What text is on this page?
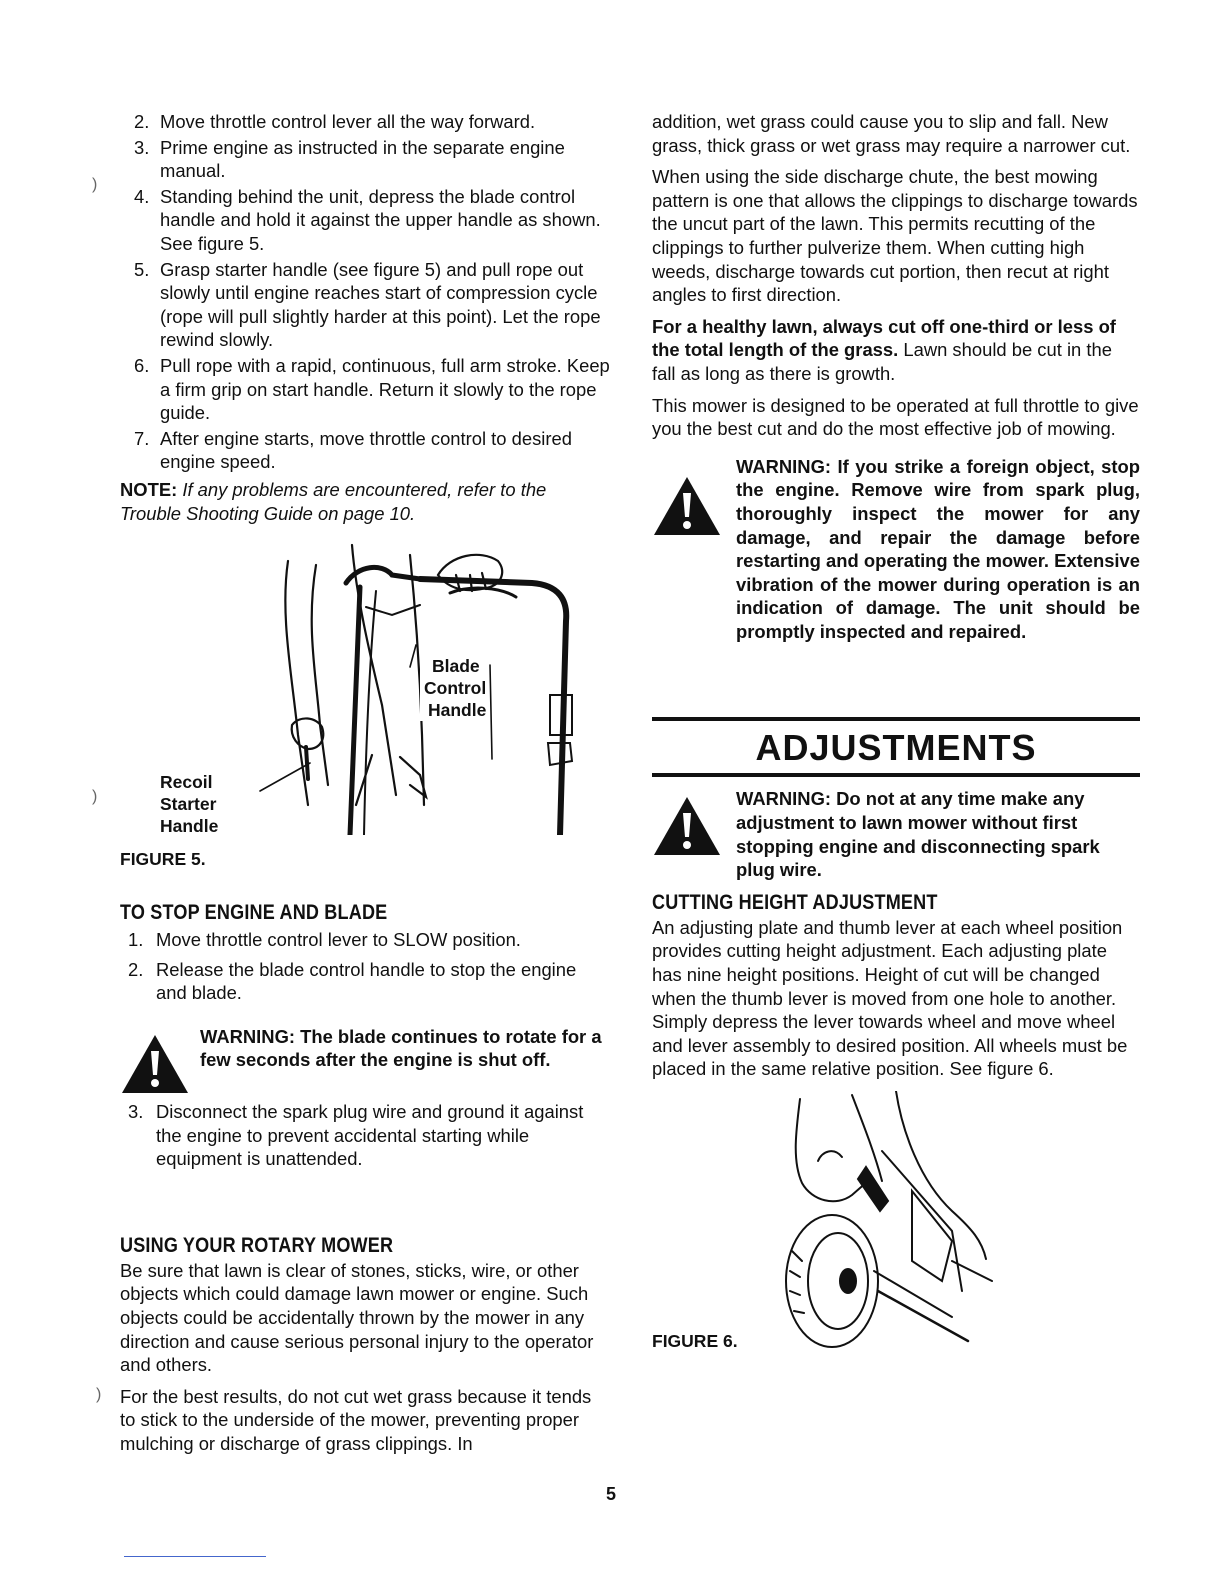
)
)
)
2. Move throttle control lever all the way forward.
3. Prime engine as instructed in the separate engine manual.
4. Standing behind the unit, depress the blade control handle and hold it against the upper handle as shown. See figure 5.
5. Grasp starter handle (see figure 5) and pull rope out slowly until engine reaches start of compression cycle (rope will pull slightly harder at this point). Let the rope rewind slowly.
6. Pull rope with a rapid, continuous, full arm stroke. Keep a firm grip on start handle. Return it slowly to the rope guide.
7. After engine starts, move throttle control to desired engine speed.

NOTE: If any problems are encountered, refer to the Trouble Shooting Guide on page 10.

Blade
Control
Handle
Recoil
Starter
Handle
FIGURE 5.
TO STOP ENGINE AND BLADE
1. Move throttle control lever to SLOW position.
2. Release the blade control handle to stop the engine and blade.

WARNING: The blade continues to rotate for a few seconds after the engine is shut off.

3. Disconnect the spark plug wire and ground it against the engine to prevent accidental starting while equipment is unattended.
USING YOUR ROTARY MOWER

Be sure that lawn is clear of stones, sticks, wire, or other objects which could damage lawn mower or engine. Such objects could be accidentally thrown by the mower in any direction and cause serious personal injury to the operator and others.

For the best results, do not cut wet grass because it tends to stick to the underside of the mower, preventing proper mulching or discharge of grass clippings. In

addition, wet grass could cause you to slip and fall. New grass, thick grass or wet grass may require a narrower cut.

When using the side discharge chute, the best mowing pattern is one that allows the clippings to discharge towards the uncut part of the lawn. This permits recutting of the clippings to further pulverize them. When cutting high weeds, discharge towards cut portion, then recut at right angles to first direction.

For a healthy lawn, always cut off one-third or less of the total length of the grass. Lawn should be cut in the fall as long as there is growth.

This mower is designed to be operated at full throttle to give you the best cut and do the most effective job of mowing.

WARNING: If you strike a foreign object, stop the engine. Remove wire from spark plug, thoroughly inspect the mower for any damage, and repair the damage before restarting and operating the mower. Extensive vibration of the mower during operation is an indication of damage. The unit should be promptly inspected and repaired.

ADJUSTMENTS

WARNING: Do not at any time make any adjustment to lawn mower without first stopping engine and disconnecting spark plug wire.

CUTTING HEIGHT ADJUSTMENT

An adjusting plate and thumb lever at each wheel position provides cutting height adjustment. Each adjusting plate has nine height positions. Height of cut will be changed when the thumb lever is moved from one hole to another. Simply depress the lever towards wheel and move wheel and lever assembly to desired position. All wheels must be placed in the same relative position. See figure 6.

FIGURE 6.
5
